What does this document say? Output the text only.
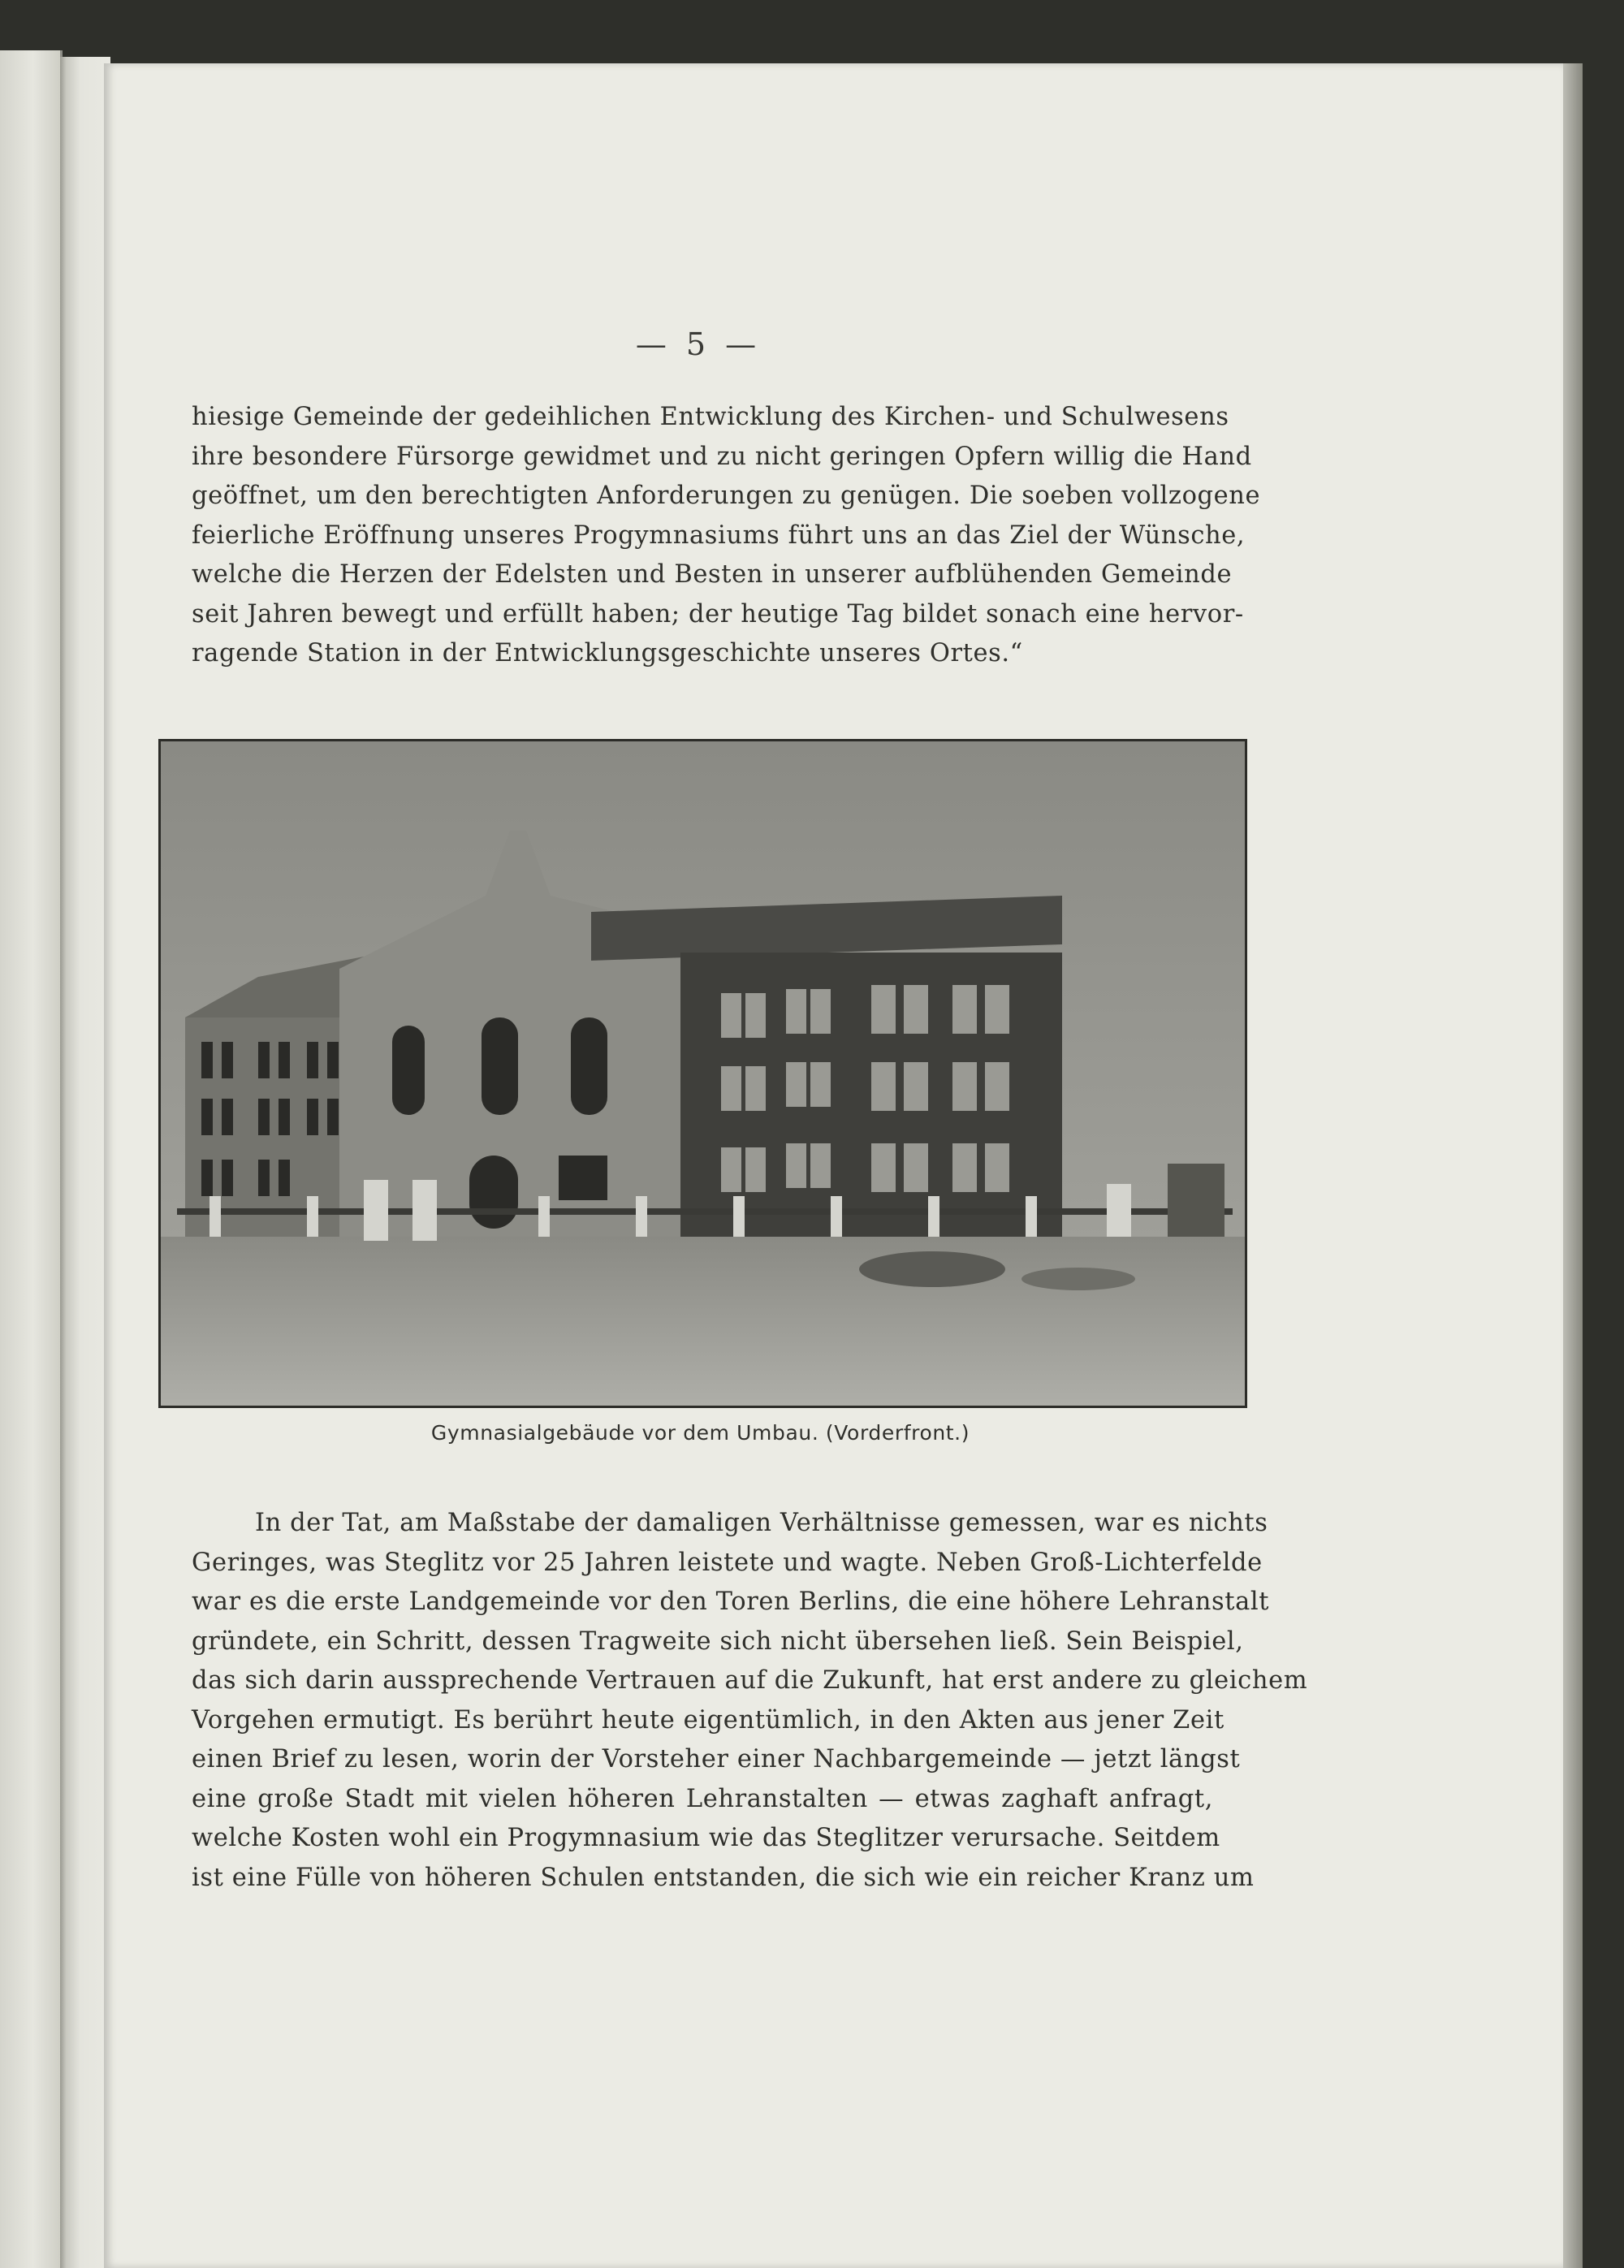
— 5 —
hiesige Gemeinde der gedeihlichen Entwicklung des Kirchen- und Schulwesens
ihre besondere Fürsorge gewidmet und zu nicht geringen Opfern willig die Hand
geöffnet, um den berechtigten Anforderungen zu genügen. Die soeben vollzogene
feierliche Eröffnung unseres Progymnasiums führt uns an das Ziel der Wünsche,
welche die Herzen der Edelsten und Besten in unserer aufblühenden Gemeinde
seit Jahren bewegt und erfüllt haben; der heutige Tag bildet sonach eine hervor-
ragende Station in der Entwicklungsgeschichte unseres Ortes.“
Gymnasialgebäude vor dem Umbau. (Vorderfront.)
In der Tat, am Maßstabe der damaligen Verhältnisse gemessen, war es nichts
Geringes, was Steglitz vor 25 Jahren leistete und wagte. Neben Groß-Lichterfelde
war es die erste Landgemeinde vor den Toren Berlins, die eine höhere Lehranstalt
gründete, ein Schritt, dessen Tragweite sich nicht übersehen ließ. Sein Beispiel,
das sich darin aussprechende Vertrauen auf die Zukunft, hat erst andere zu gleichem
Vorgehen ermutigt. Es berührt heute eigentümlich, in den Akten aus jener Zeit
einen Brief zu lesen, worin der Vorsteher einer Nachbargemeinde — jetzt längst
eine große Stadt mit vielen höheren Lehranstalten — etwas zaghaft anfragt,
welche Kosten wohl ein Progymnasium wie das Steglitzer verursache. Seitdem
ist eine Fülle von höheren Schulen entstanden, die sich wie ein reicher Kranz um
